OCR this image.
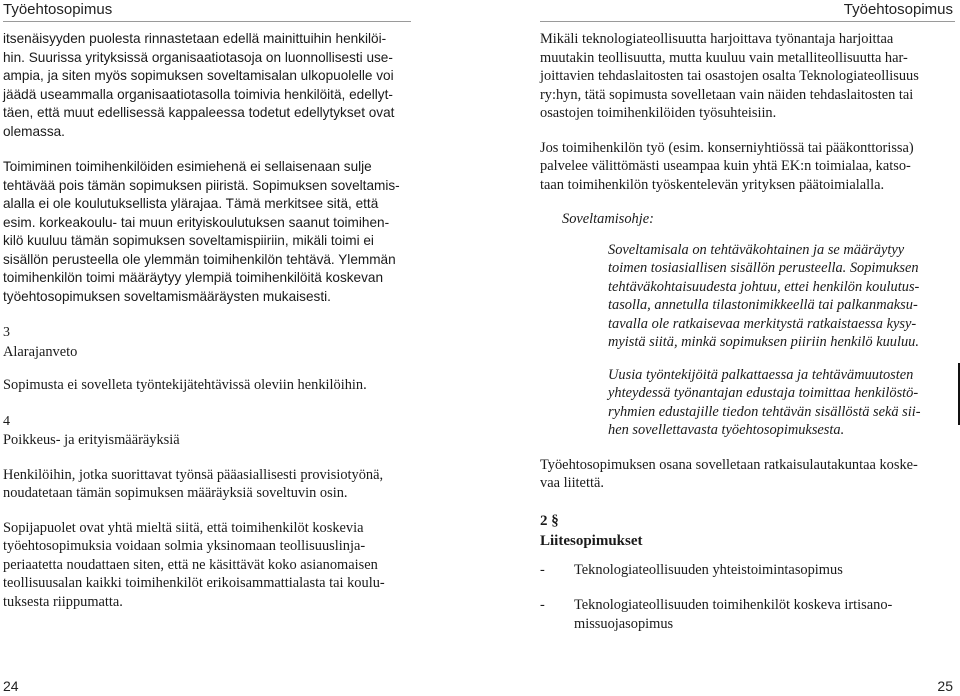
Työehtosopimus

itsenäisyyden puolesta rinnastetaan edellä mainittuihin henkilöi-
hin. Suurissa yrityksissä organisaatiotasoja on luonnollisesti use-
ampia, ja siten myös sopimuksen soveltamisalan ulkopuolelle voi
jäädä useammalla organisaatiotasolla toimivia henkilöitä, edellyt-
täen, että muut edellisessä kappaleessa todetut edellytykset ovat
olemassa.

Toimiminen toimihenkilöiden esimiehenä ei sellaisenaan sulje
tehtävää pois tämän sopimuksen piiristä. Sopimuksen soveltamis-
alalla ei ole koulutuksellista ylärajaa. Tämä merkitsee sitä, että
esim. korkeakoulu- tai muun erityiskoulutuksen saanut toimihen-
kilö kuuluu tämän sopimuksen soveltamispiiriin, mikäli toimi ei
sisällön perusteella ole ylemmän toimihenkilön tehtävä. Ylemmän
toimihenkilön toimi määräytyy ylempiä toimihenkilöitä koskevan
työehtosopimuksen soveltamismääräysten mukaisesti.

3

Alarajanveto

Sopimusta ei sovelleta työntekijätehtävissä oleviin henkilöihin.

4

Poikkeus- ja erityismääräyksiä

Henkilöihin, jotka suorittavat työnsä pääasiallisesti provisiotyönä,
noudatetaan tämän sopimuksen määräyksiä soveltuvin osin.

Sopijapuolet ovat yhtä mieltä siitä, että toimihenkilöt koskevia
työehtosopimuksia voidaan solmia yksinomaan teollisuuslinja-
periaatetta noudattaen siten, että ne käsittävät koko asianomaisen
teollisuusalan kaikki toimihenkilöt erikoisammattialasta tai koulu-
tuksesta riippumatta.

24
Työehtosopimus

Mikäli teknologiateollisuutta harjoittava työnantaja harjoittaa
muutakin teollisuutta, mutta kuuluu vain metalliteollisuutta har-
joittavien tehdaslaitosten tai osastojen osalta Teknologiateollisuus
ry:hyn, tätä sopimusta sovelletaan vain näiden tehdaslaitosten tai
osastojen toimihenkilöiden työsuhteisiin.

Jos toimihenkilön työ (esim. konserniyhtiössä tai pääkonttorissa)
palvelee välittömästi useampaa kuin yhtä EK:n toimialaa, katso-
taan toimihenkilön työskentelevän yrityksen päätoimialalla.

Soveltamisohje:

Soveltamisala on tehtäväkohtainen ja se määräytyy
toimen tosiasiallisen sisällön perusteella. Sopimuksen
tehtäväkohtaisuudesta johtuu, ettei henkilön koulutus-
tasolla, annetulla tilastonimikkeellä tai palkanmaksu-
tavalla ole ratkaisevaa merkitystä ratkaistaessa kysy-
myistä siitä, minkä sopimuksen piiriin henkilö kuuluu.

Uusia työntekijöitä palkattaessa ja tehtävämuutosten
yhteydessä työnantajan edustaja toimittaa henkilöstö-
ryhmien edustajille tiedon tehtävän sisällöstä sekä sii-
hen sovellettavasta työehtosopimuksesta.

Työehtosopimuksen osana sovelletaan ratkaisulautakuntaa koske-
vaa liitettä.

2 §

Liitesopimukset

- Teknologiateollisuuden yhteistoimintasopimus
- Teknologiateollisuuden toimihenkilöt koskeva irtisano-
missuojasopimus
25
